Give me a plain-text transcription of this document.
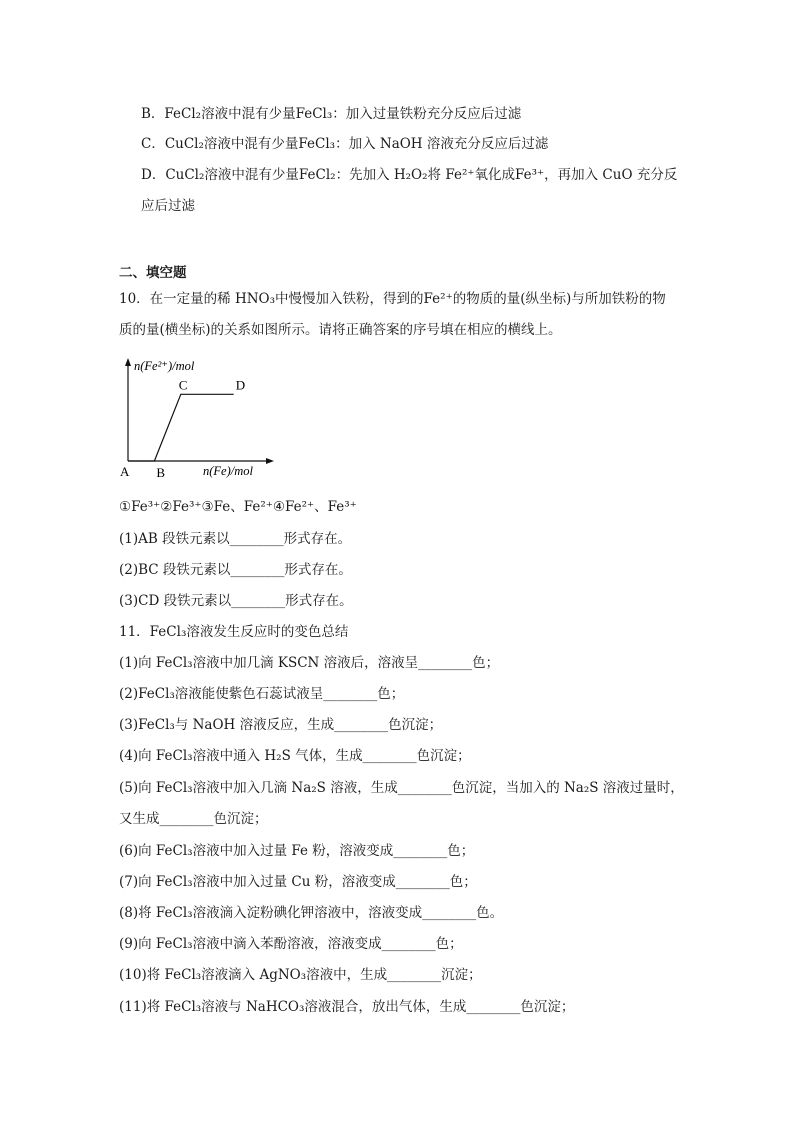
B．FeCl₂溶液中混有少量FeCl₃：加入过量铁粉充分反应后过滤
C．CuCl₂溶液中混有少量FeCl₃：加入 NaOH 溶液充分反应后过滤
D．CuCl₂溶液中混有少量FeCl₂：先加入 H₂O₂将 Fe²⁺氧化成Fe³⁺，再加入 CuO 充分反
应后过滤
二、填空题
10．在一定量的稀 HNO₃中慢慢加入铁粉，得到的Fe²⁺的物质的量(纵坐标)与所加铁粉的物
质的量(横坐标)的关系如图所示。请将正确答案的序号填在相应的横线上。
n(Fe²⁺)/mol
n(Fe)/mol
A B
C	D
①Fe³⁺②Fe³⁺③Fe、Fe²⁺④Fe²⁺、Fe³⁺
(1)AB 段铁元素以________形式存在。
(2)BC 段铁元素以________形式存在。
(3)CD 段铁元素以________形式存在。
11．FeCl₃溶液发生反应时的变色总结
(1)向 FeCl₃溶液中加几滴 KSCN 溶液后，溶液呈________色；
(2)FeCl₃溶液能使紫色石蕊试液呈________色；
(3)FeCl₃与 NaOH 溶液反应，生成________色沉淀；
(4)向 FeCl₃溶液中通入 H₂S 气体，生成________色沉淀；
(5)向 FeCl₃溶液中加入几滴 Na₂S 溶液，生成________色沉淀，当加入的 Na₂S 溶液过量时，
又生成________色沉淀；
(6)向 FeCl₃溶液中加入过量 Fe 粉，溶液变成________色；
(7)向 FeCl₃溶液中加入过量 Cu 粉，溶液变成________色；
(8)将 FeCl₃溶液滴入淀粉碘化钾溶液中，溶液变成________色。
(9)向 FeCl₃溶液中滴入苯酚溶液，溶液变成________色；
(10)将 FeCl₃溶液滴入 AgNO₃溶液中，生成________沉淀；
(11)将 FeCl₃溶液与 NaHCO₃溶液混合，放出气体，生成________色沉淀；
